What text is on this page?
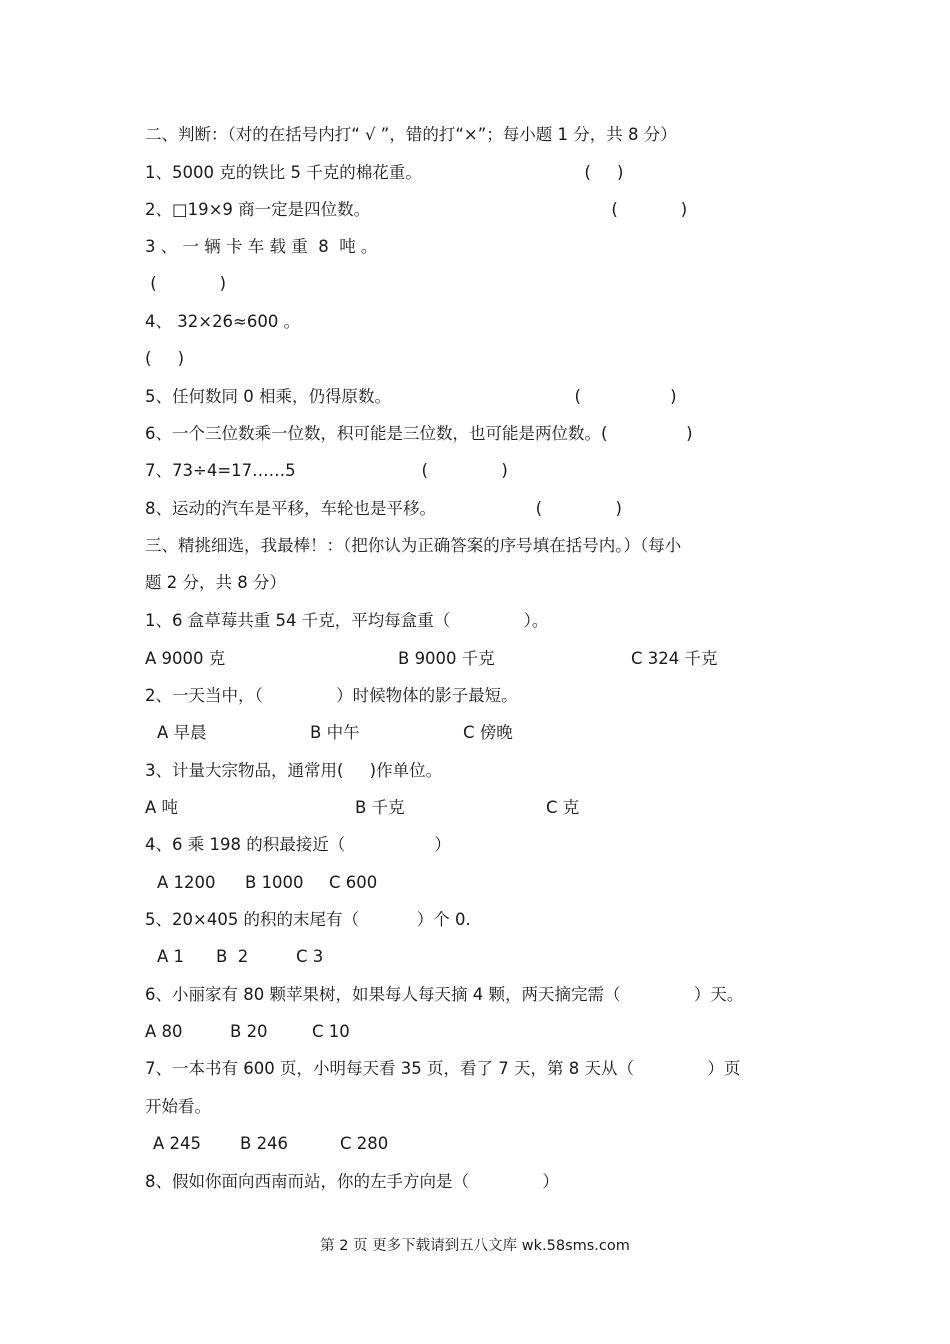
二、判断：（对的在括号内打“ √ ”，错的打“×”；每小题 1 分，共 8 分）
1、5000 克的铁比 5 千克的棉花重。                               (     )
2、□19×9 商一定是四位数。                                              (            )
3 、 一 辆 卡 车 载 重  8  吨 。
(            )
4、 32×26≈600 。
(     )
5、任何数同 0 相乘，仍得原数。                                   (                 )
6、一个三位数乘一位数，积可能是三位数，也可能是两位数。(               )
7、73÷4=17……5                        (              )
8、运动的汽车是平移，车轮也是平移。                   (              )
三、精挑细选，我最棒！：（把你认为正确答案的序号填在括号内。）（每小
题 2 分，共 8 分）
1、6 盒草莓共重 54 千克，平均每盒重（              ）。

A 9000 克

	B 9000 千克

	C 324 千克

2、一天当中，（              ）时候物体的影子最短。

A 早晨

	B 中午

	C 傍晚

3、计量大宗物品，通常用(     )作单位。

A 吨

	B 千克

	C 克

4、6 乘 198 的积最接近（                 ）

A 1200

B 1000

C 600

5、20×405 的积的末尾有（           ）个 0.

A 1

B  2

	C 3

6、小丽家有 80 颗苹果树，如果每人每天摘 4 颗，两天摘完需（              ）天。

A 80

	B 20

	C 10

7、一本书有 600 页，小明每天看 35 页，看了 7 天，第 8 天从（              ）页
开始看。

A 245

B 246

	C 280

8、假如你面向西南而站，你的左手方向是（              ）
第 2 页 更多下载请到五八文库 wk.58sms.com
